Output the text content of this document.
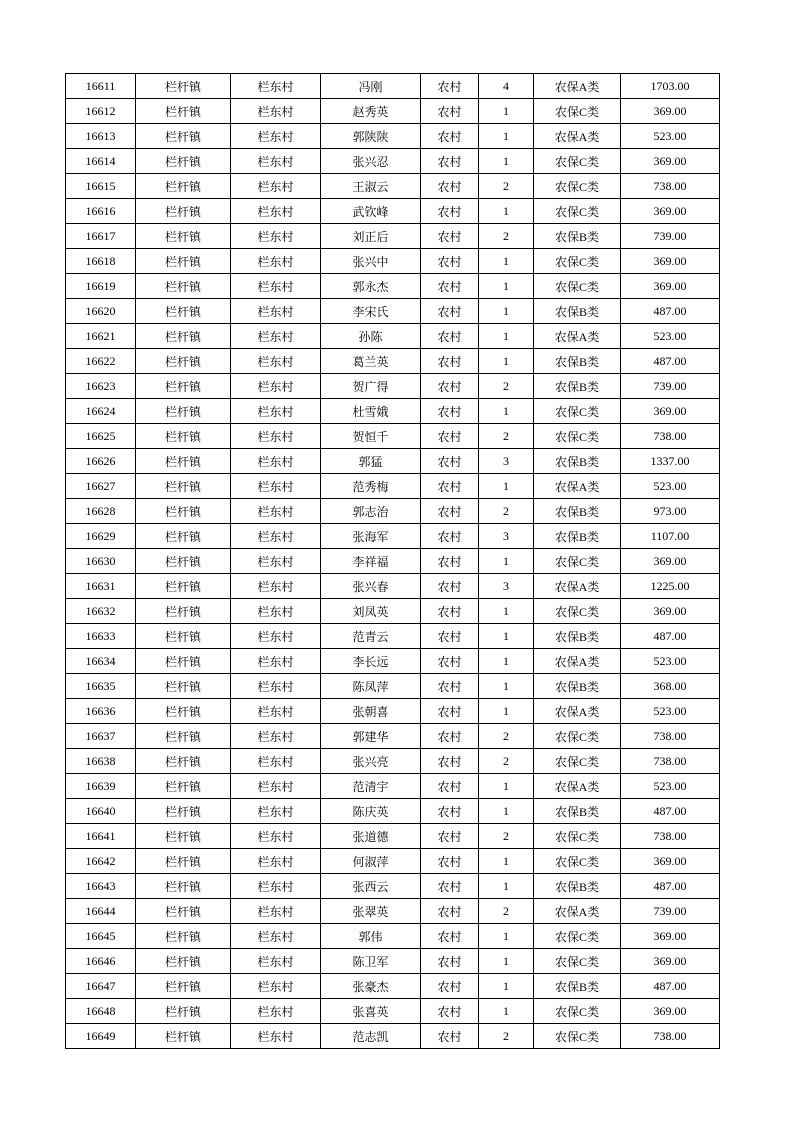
16611	栏杆镇	栏东村	冯刚	农村	4	农保A类	1703.00
16612	栏杆镇	栏东村	赵秀英	农村	1	农保C类	369.00
16613	栏杆镇	栏东村	郭陕陕	农村	1	农保A类	523.00
16614	栏杆镇	栏东村	张兴忍	农村	1	农保C类	369.00
16615	栏杆镇	栏东村	王淑云	农村	2	农保C类	738.00
16616	栏杆镇	栏东村	武钦峰	农村	1	农保C类	369.00
16617	栏杆镇	栏东村	刘正后	农村	2	农保B类	739.00
16618	栏杆镇	栏东村	张兴中	农村	1	农保C类	369.00
16619	栏杆镇	栏东村	郭永杰	农村	1	农保C类	369.00
16620	栏杆镇	栏东村	李宋氏	农村	1	农保B类	487.00
16621	栏杆镇	栏东村	孙陈	农村	1	农保A类	523.00
16622	栏杆镇	栏东村	葛兰英	农村	1	农保B类	487.00
16623	栏杆镇	栏东村	贺广得	农村	2	农保B类	739.00
16624	栏杆镇	栏东村	杜雪娥	农村	1	农保C类	369.00
16625	栏杆镇	栏东村	贺恒千	农村	2	农保C类	738.00
16626	栏杆镇	栏东村	郭猛	农村	3	农保B类	1337.00
16627	栏杆镇	栏东村	范秀梅	农村	1	农保A类	523.00
16628	栏杆镇	栏东村	郭志治	农村	2	农保B类	973.00
16629	栏杆镇	栏东村	张海军	农村	3	农保B类	1107.00
16630	栏杆镇	栏东村	李祥福	农村	1	农保C类	369.00
16631	栏杆镇	栏东村	张兴春	农村	3	农保A类	1225.00
16632	栏杆镇	栏东村	刘凤英	农村	1	农保C类	369.00
16633	栏杆镇	栏东村	范青云	农村	1	农保B类	487.00
16634	栏杆镇	栏东村	李长远	农村	1	农保A类	523.00
16635	栏杆镇	栏东村	陈凤萍	农村	1	农保B类	368.00
16636	栏杆镇	栏东村	张朝喜	农村	1	农保A类	523.00
16637	栏杆镇	栏东村	郭建华	农村	2	农保C类	738.00
16638	栏杆镇	栏东村	张兴亮	农村	2	农保C类	738.00
16639	栏杆镇	栏东村	范清宇	农村	1	农保A类	523.00
16640	栏杆镇	栏东村	陈庆英	农村	1	农保B类	487.00
16641	栏杆镇	栏东村	张道德	农村	2	农保C类	738.00
16642	栏杆镇	栏东村	何淑萍	农村	1	农保C类	369.00
16643	栏杆镇	栏东村	张西云	农村	1	农保B类	487.00
16644	栏杆镇	栏东村	张翠英	农村	2	农保A类	739.00
16645	栏杆镇	栏东村	郭伟	农村	1	农保C类	369.00
16646	栏杆镇	栏东村	陈卫军	农村	1	农保C类	369.00
16647	栏杆镇	栏东村	张豪杰	农村	1	农保B类	487.00
16648	栏杆镇	栏东村	张喜英	农村	1	农保C类	369.00
16649	栏杆镇	栏东村	范志凯	农村	2	农保C类	738.00
